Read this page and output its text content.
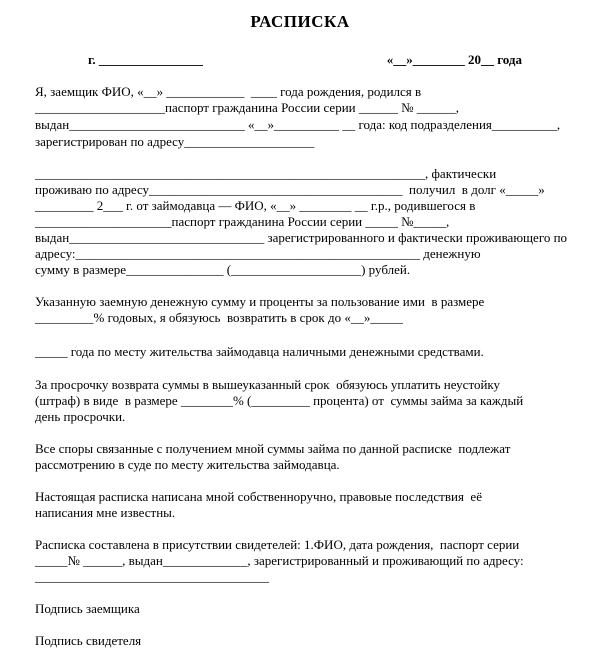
РАСПИСКА
г. ________________	«__»________ 20__ года
Я, заемщик ФИО, «__» ____________  ____ года рождения, родился в
____________________паспорт гражданина России серии ______ № ______,
выдан___________________________ «__»__________ __ года: код подразделения__________,
зарегистрирован по адресу____________________
____________________________________________________________, фактически
проживаю по адресу_______________________________________  получил  в долг «_____»
_________ 2___ г. от займодавца — ФИО, «__» ________ __ г.р., родившегося в
_____________________паспорт гражданина России серии _____ №_____,
выдан______________________________ зарегистрированного и фактически проживающего по
адресу:_____________________________________________________ денежную
сумму в размере_______________ (____________________) рублей.
Указанную заемную денежную сумму и проценты за пользование ими  в размере
_________% годовых, я обязуюсь  возвратить в срок до «__»_____
_____ года по месту жительства займодавца наличными денежными средствами.
За просрочку возврата суммы в вышеуказанный срок  обязуюсь уплатить неустойку
(штраф) в виде  в размере ________% (_________ процента) от  суммы займа за каждый
день просрочки.
Все споры связанные с получением мной суммы займа по данной расписке  подлежат
рассмотрению в суде по месту жительства займодавца.
Настоящая расписка написана мной собственноручно, правовые последствия  её
написания мне известны.
Расписка составлена в присутствии свидетелей: 1.ФИО, дата рождения,  паспорт серии
_____№ ______, выдан_____________, зарегистрированный и проживающий по адресу:
____________________________________
Подпись заемщика
Подпись свидетеля
